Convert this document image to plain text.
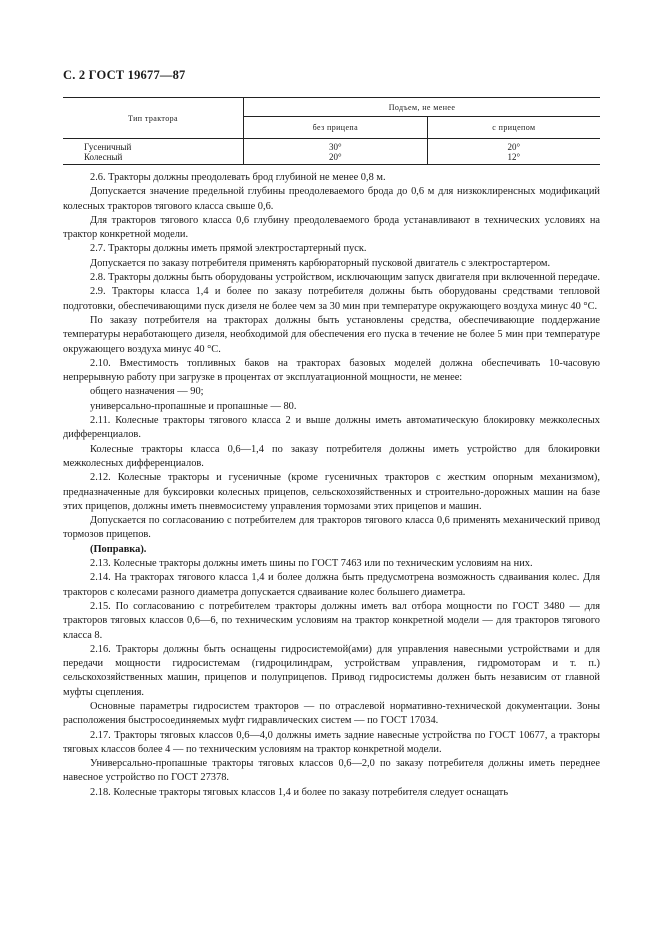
С. 2 ГОСТ 19677—87
Тип трактора	Подъем, не менее	
	без прицепа	с прицепом
Гусеничный	30°	20°
Колесный	20°	12°

2.6. Тракторы должны преодолевать брод глубиной не менее 0,8 м.

Допускается значение предельной глубины преодолеваемого брода до 0,6 м для низкоклиренсных модификаций колесных тракторов тягового класса свыше 0,6.

Для тракторов тягового класса 0,6 глубину преодолеваемого брода устанавливают в технических условиях на трактор конкретной модели.

2.7. Тракторы должны иметь прямой электростартерный пуск.

Допускается по заказу потребителя применять карбюраторный пусковой двигатель с электростартером.

2.8. Тракторы должны быть оборудованы устройством, исключающим запуск двигателя при включенной передаче.

2.9. Тракторы класса 1,4 и более по заказу потребителя должны быть оборудованы средствами тепловой подготовки, обеспечивающими пуск дизеля не более чем за 30 мин при температуре окружающего воздуха минус 40 °С.

По заказу потребителя на тракторах должны быть установлены средства, обеспечивающие поддержание температуры неработающего дизеля, необходимой для обеспечения его пуска в течение не более 5 мин при температуре окружающего воздуха минус 40 °С.

2.10. Вместимость топливных баков на тракторах базовых моделей должна обеспечивать 10-часовую непрерывную работу при загрузке в процентах от эксплуатационной мощности, не менее:

общего назначения — 90;

универсально-пропашные и пропашные — 80.

2.11. Колесные тракторы тягового класса 2 и выше должны иметь автоматическую блокировку межколесных дифференциалов.

Колесные тракторы класса 0,6—1,4 по заказу потребителя должны иметь устройство для блокировки межколесных дифференциалов.

2.12. Колесные тракторы и гусеничные (кроме гусеничных тракторов с жестким опорным механизмом), предназначенные для буксировки колесных прицепов, сельскохозяйственных и строительно-дорожных машин на базе этих прицепов, должны иметь пневмосистему управления тормозами этих прицепов и машин.

Допускается по согласованию с потребителем для тракторов тягового класса 0,6 применять механический привод тормозов прицепов.

(Поправка).

2.13. Колесные тракторы должны иметь шины по ГОСТ 7463 или по техническим условиям на них.

2.14. На тракторах тягового класса 1,4 и более должна быть предусмотрена возможность сдваивания колес. Для тракторов с колесами разного диаметра допускается сдваивание колес большего диаметра.

2.15. По согласованию с потребителем тракторы должны иметь вал отбора мощности по ГОСТ 3480 — для тракторов тяговых классов 0,6—6, по техническим условиям на трактор конкретной модели — для тракторов тягового класса 8.

2.16. Тракторы должны быть оснащены гидросистемой(ами) для управления навесными устройствами и для передачи мощности гидросистемам (гидроцилиндрам, устройствам управления, гидромоторам и т. п.) сельскохозяйственных машин, прицепов и полуприцепов. Привод гидросистемы должен быть независим от главной муфты сцепления.

Основные параметры гидросистем тракторов — по отраслевой нормативно-технической документации. Зоны расположения быстросоединяемых муфт гидравлических систем — по ГОСТ 17034.

2.17. Тракторы тяговых классов 0,6—4,0 должны иметь задние навесные устройства по ГОСТ 10677, а тракторы тяговых классов более 4 — по техническим условиям на трактор конкретной модели.

Универсально-пропашные тракторы тяговых классов 0,6—2,0 по заказу потребителя должны иметь переднее навесное устройство по ГОСТ 27378.

2.18. Колесные тракторы тяговых классов 1,4 и более по заказу потребителя следует оснащать
